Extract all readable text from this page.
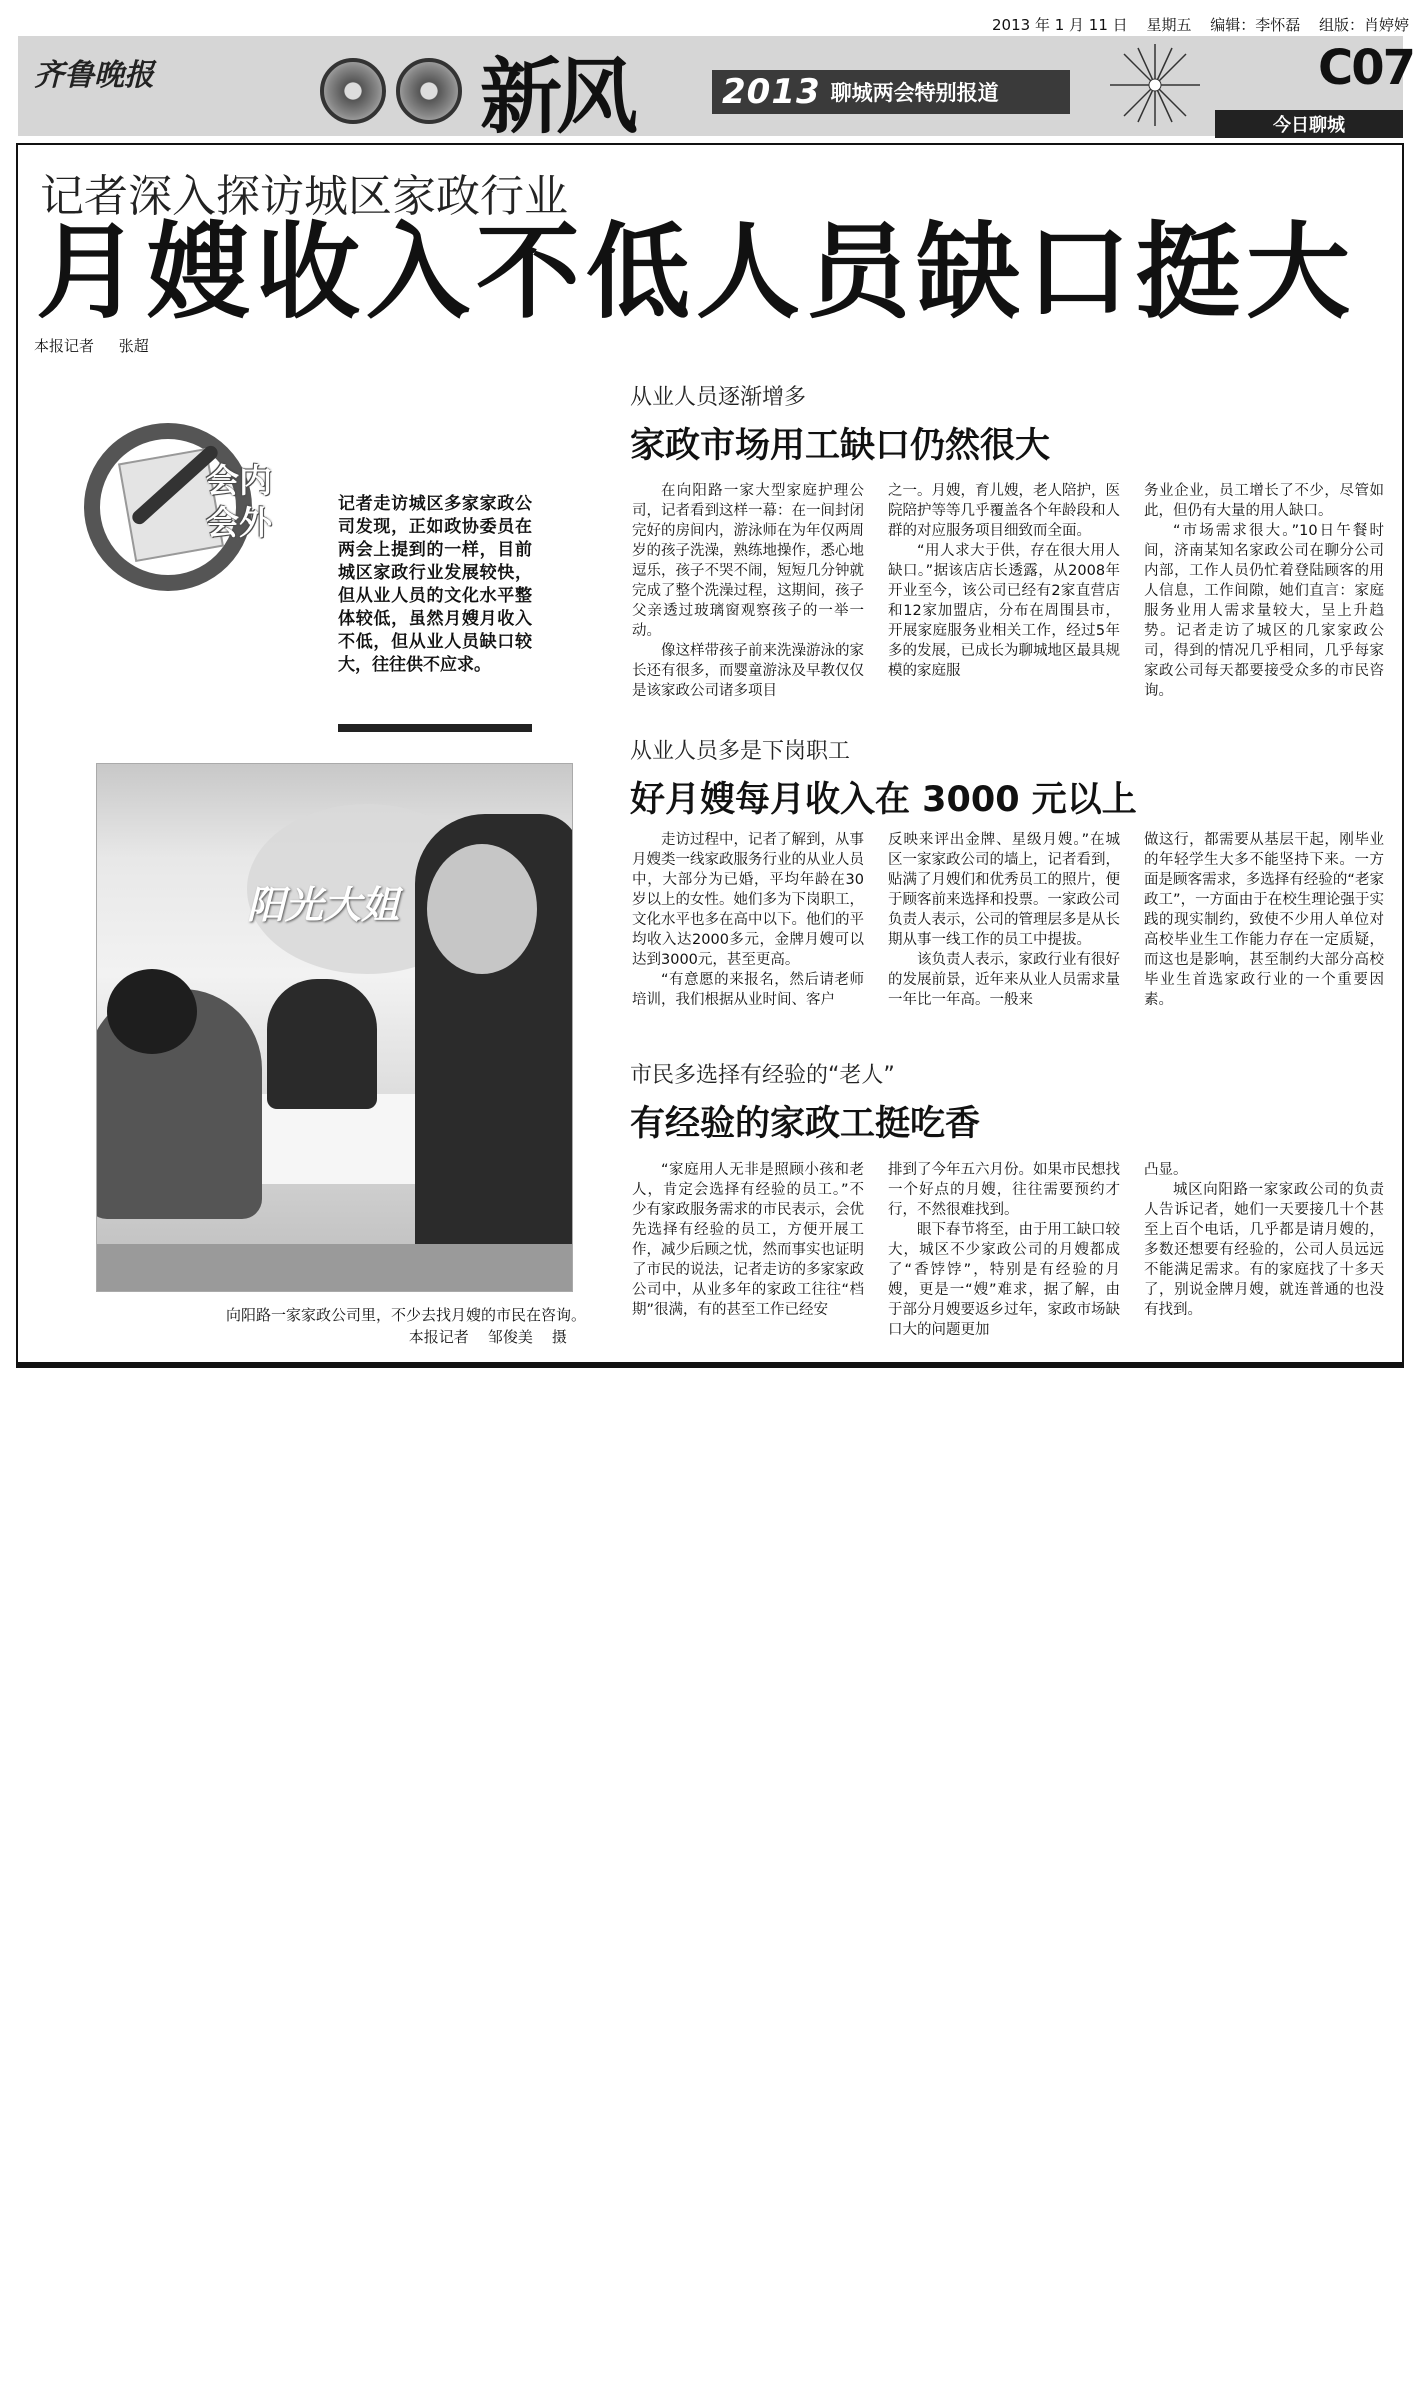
2013 年 1 月 11 日 星期五 编辑：李怀磊 组版：肖婷婷
齐鲁晚报	新风	2013 聊城两会特别报道	C07
今日聊城
记者深入探访城区家政行业
月嫂收入不低人员缺口挺大
本报记者 张超
会内
会外	记者走访城区多家家政公司发现，正如政协委员在两会上提到的一样，目前城区家政行业发展较快，但从业人员的文化水平整体较低，虽然月嫂月收入不低，但从业人员缺口较大，往往供不应求。
阳光大姐
向阳路一家家政公司里，不少去找月嫂的市民在咨询。
本报记者 邹俊美 摄
从业人员逐渐增多
家政市场用工缺口仍然很大

在向阳路一家大型家庭护理公司，记者看到这样一幕：在一间封闭完好的房间内，游泳师在为年仅两周岁的孩子洗澡，熟练地操作，悉心地逗乐，孩子不哭不闹，短短几分钟就完成了整个洗澡过程，这期间，孩子父亲透过玻璃窗观察孩子的一举一动。

像这样带孩子前来洗澡游泳的家长还有很多，而婴童游泳及早教仅仅是该家政公司诸多项目

之一。月嫂，育儿嫂，老人陪护，医院陪护等等几乎覆盖各个年龄段和人群的对应服务项目细致而全面。

“用人求大于供，存在很大用人缺口。”据该店店长透露，从2008年开业至今，该公司已经有2家直营店和12家加盟店，分布在周围县市，开展家庭服务业相关工作，经过5年多的发展，已成长为聊城地区最具规模的家庭服

务业企业，员工增长了不少，尽管如此，但仍有大量的用人缺口。

“市场需求很大。”10日午餐时间，济南某知名家政公司在聊分公司内部，工作人员仍忙着登陆顾客的用人信息，工作间隙，她们直言：家庭服务业用人需求量较大，呈上升趋势。记者走访了城区的几家家政公司，得到的情况几乎相同，几乎每家家政公司每天都要接受众多的市民咨询。

从业人员多是下岗职工
好月嫂每月收入在 3000 元以上

走访过程中，记者了解到，从事月嫂类一线家政服务行业的从业人员中，大部分为已婚，平均年龄在30岁以上的女性。她们多为下岗职工，文化水平也多在高中以下。他们的平均收入达2000多元，金牌月嫂可以达到3000元，甚至更高。

“有意愿的来报名，然后请老师培训，我们根据从业时间、客户

反映来评出金牌、星级月嫂。”在城区一家家政公司的墙上，记者看到，贴满了月嫂们和优秀员工的照片，便于顾客前来选择和投票。一家政公司负责人表示，公司的管理层多是从长期从事一线工作的员工中提拔。

该负责人表示，家政行业有很好的发展前景，近年来从业人员需求量一年比一年高。一般来

做这行，都需要从基层干起，刚毕业的年轻学生大多不能坚持下来。一方面是顾客需求，多选择有经验的“老家政工”，一方面由于在校生理论强于实践的现实制约，致使不少用人单位对高校毕业生工作能力存在一定质疑，而这也是影响，甚至制约大部分高校毕业生首选家政行业的一个重要因素。

市民多选择有经验的“老人”
有经验的家政工挺吃香

“家庭用人无非是照顾小孩和老人，肯定会选择有经验的员工。”不少有家政服务需求的市民表示，会优先选择有经验的员工，方便开展工作，减少后顾之忧，然而事实也证明了市民的说法，记者走访的多家家政公司中，从业多年的家政工往往“档期”很满，有的甚至工作已经安

排到了今年五六月份。如果市民想找一个好点的月嫂，往往需要预约才行，不然很难找到。

眼下春节将至，由于用工缺口较大，城区不少家政公司的月嫂都成了“香饽饽”，特别是有经验的月嫂，更是一“嫂”难求，据了解，由于部分月嫂要返乡过年，家政市场缺口大的问题更加

凸显。

城区向阳路一家家政公司的负责人告诉记者，她们一天要接几十个甚至上百个电话，几乎都是请月嫂的，多数还想要有经验的，公司人员远远不能满足需求。有的家庭找了十多天了，别说金牌月嫂，就连普通的也没有找到。
